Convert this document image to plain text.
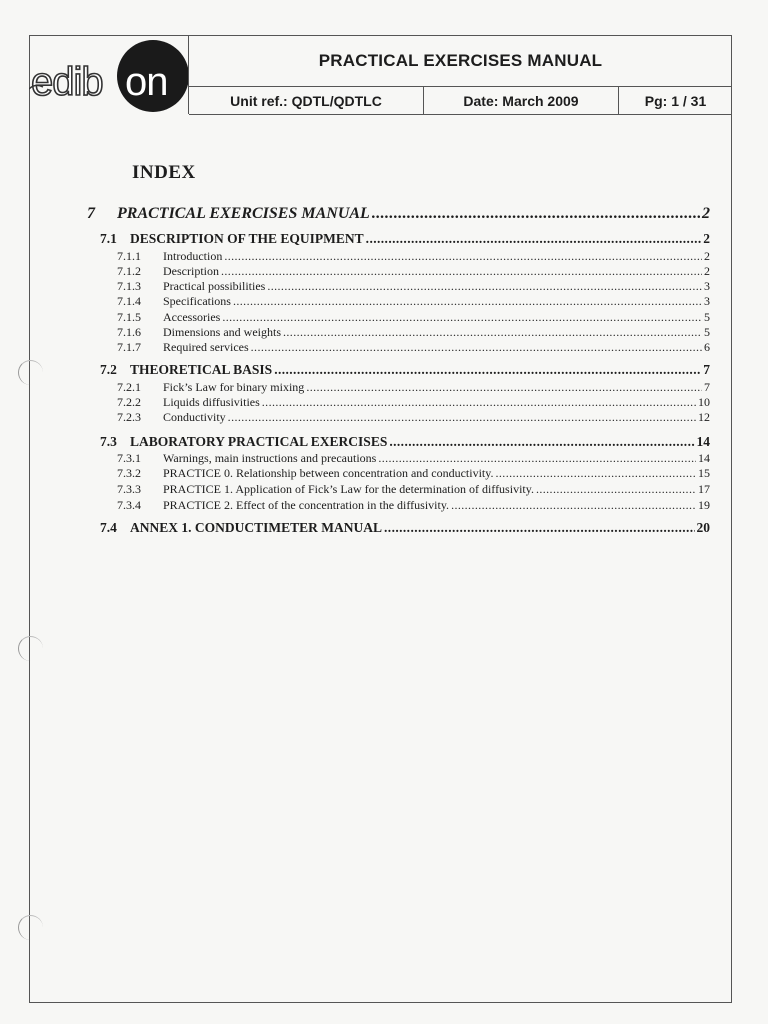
edib on	PRACTICAL EXERCISES MANUAL
Unit ref.: QDTL/QDTLC	Date: March 2009	Pg: 1 / 31
INDEX
7	PRACTICAL EXERCISES MANUAL .....	2
7.1 DESCRIPTION OF THE EQUIPMENT .....	2
7.1.1	Introduction .....	2
7.1.2	Description .....	2
7.1.3	Practical possibilities .....	3
7.1.4	Specifications .....	3
7.1.5	Accessories .....	5
7.1.6	Dimensions and weights .....	5
7.1.7	Required services .....	6
7.2 THEORETICAL BASIS .....	7
7.2.1	Fick’s Law for binary mixing .....	7
7.2.2	Liquids diffusivities .....	10
7.2.3	Conductivity .....	12
7.3 LABORATORY PRACTICAL EXERCISES .....	14
7.3.1	Warnings, main instructions and precautions .....	14
7.3.2	PRACTICE 0. Relationship between concentration and conductivity. .....	15
7.3.3	PRACTICE 1. Application of Fick’s Law for the determination of diffusivity. .....	17
7.3.4	PRACTICE 2. Effect of the concentration in the diffusivity. .....	19
7.4 ANNEX 1. CONDUCTIMETER MANUAL .....	20
